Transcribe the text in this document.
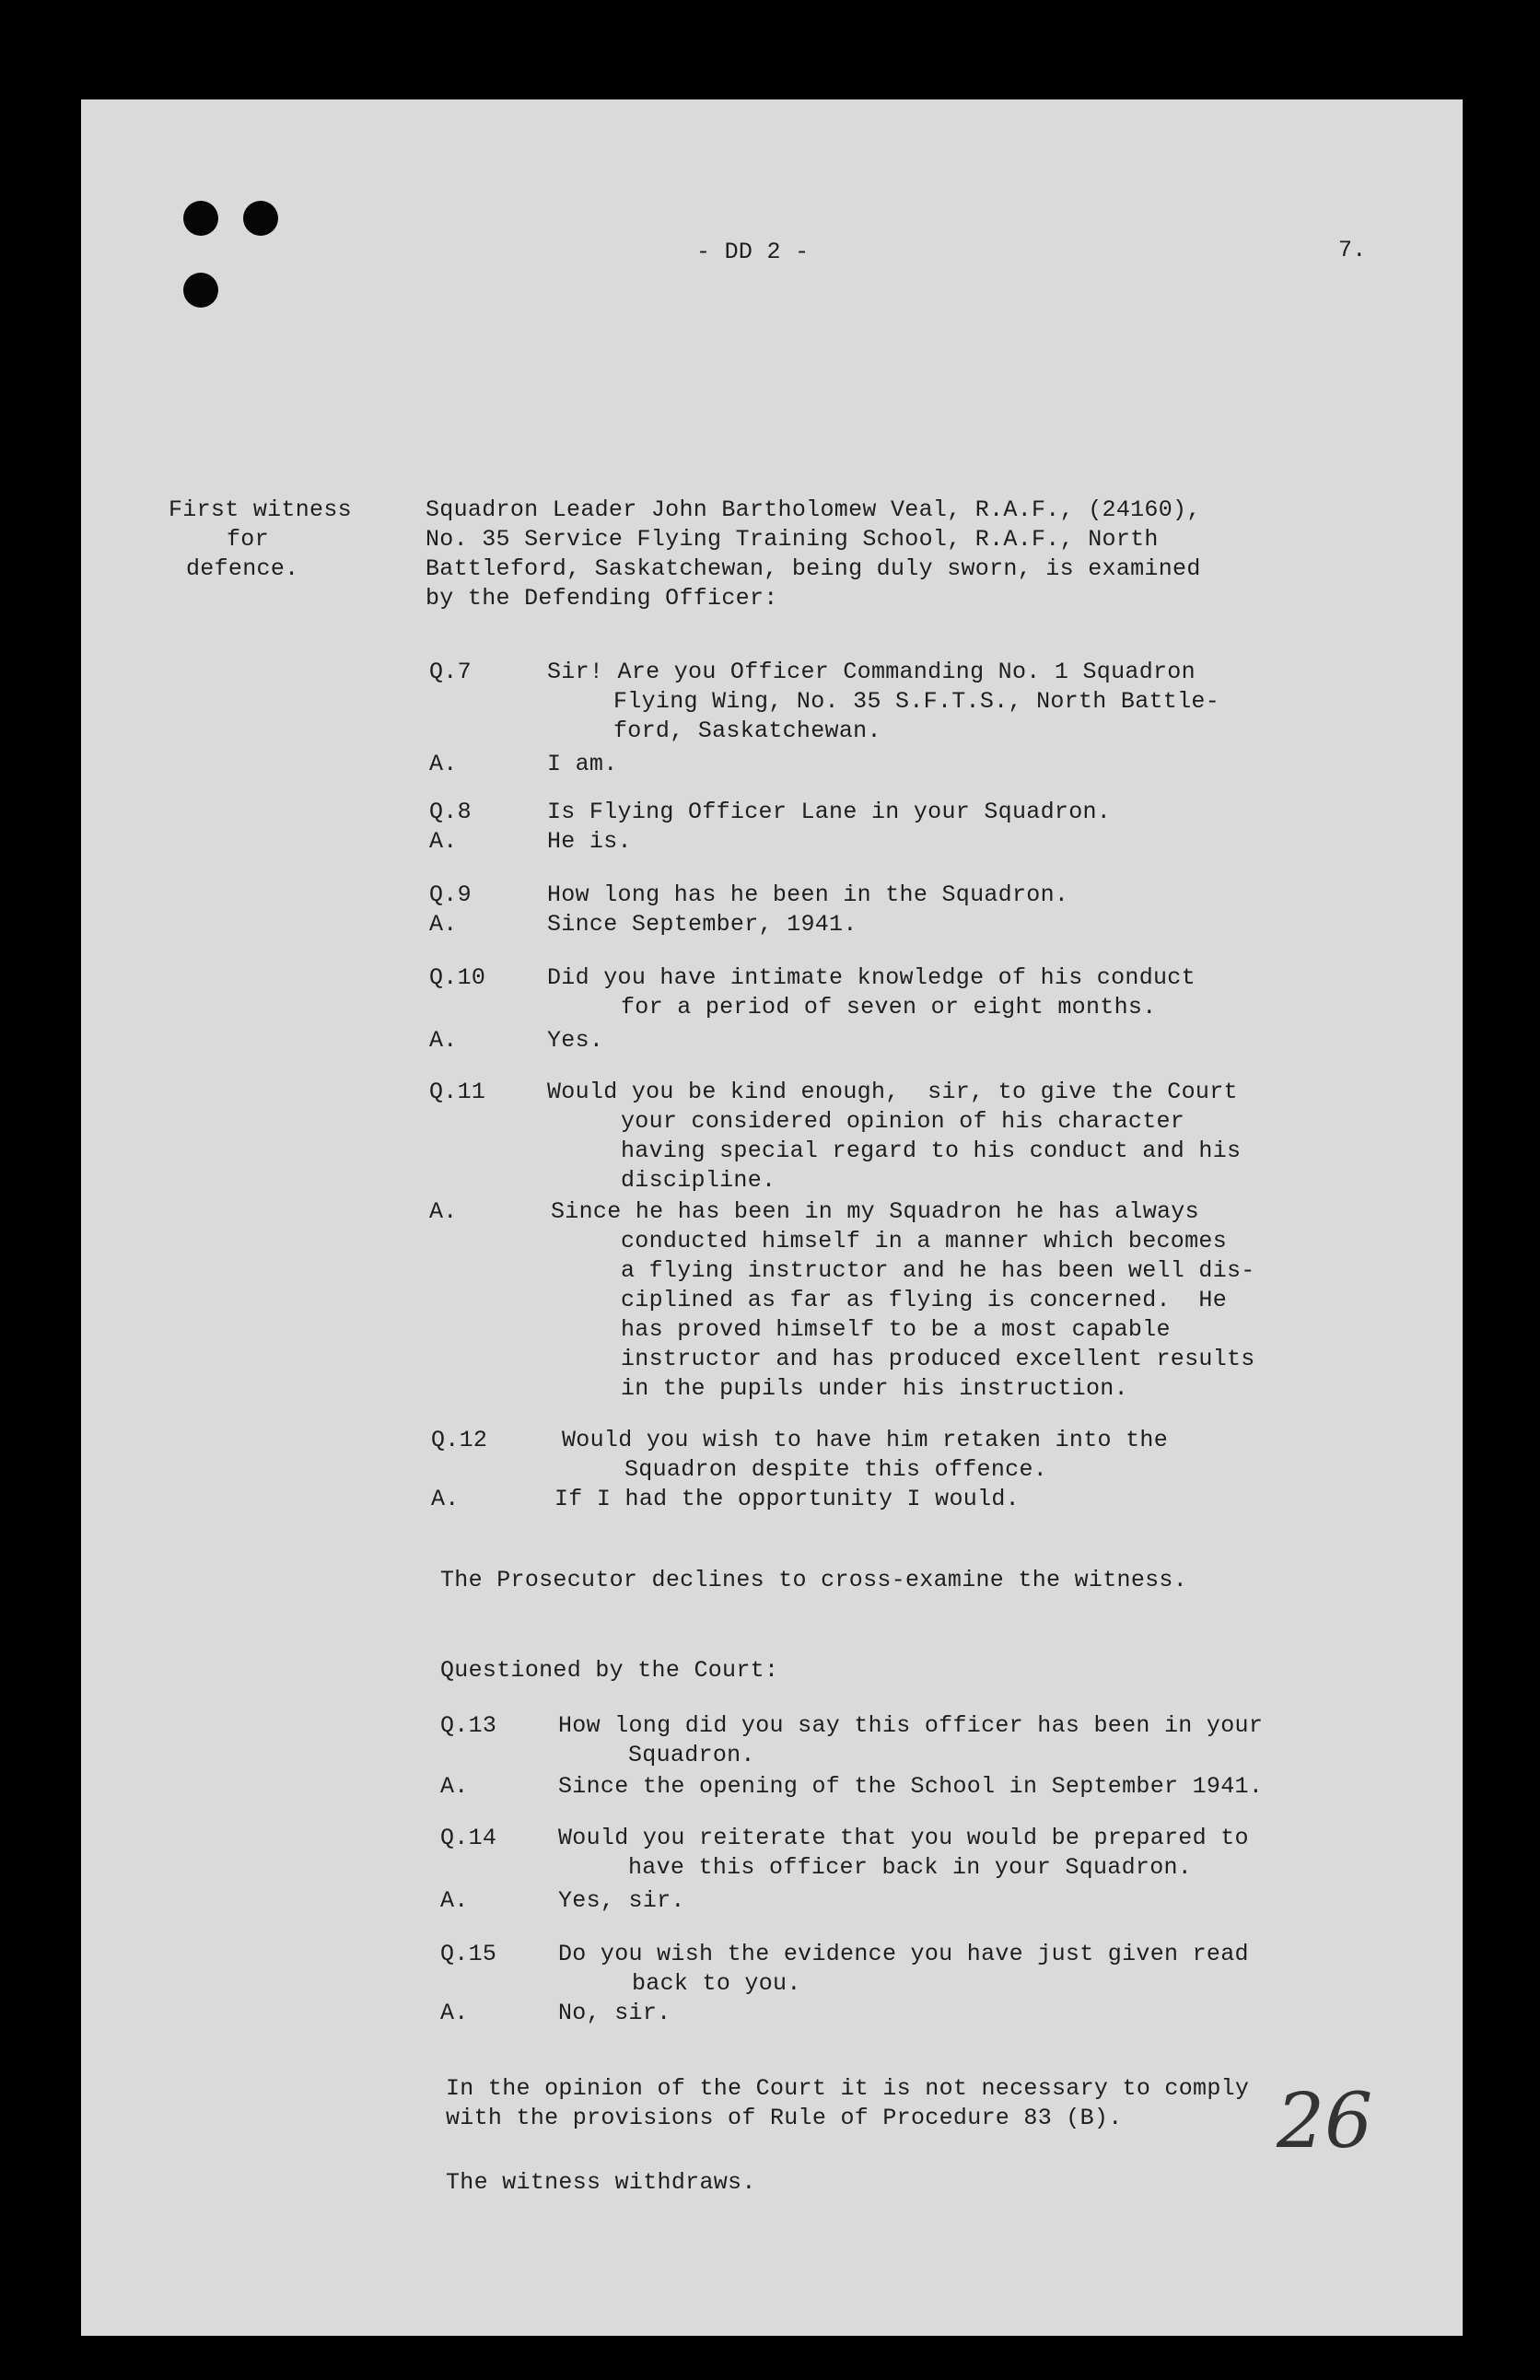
- DD 2 -	7.
First witness
for
defence.
Squadron Leader John Bartholomew Veal, R.A.F., (24160),
No. 35 Service Flying Training School, R.A.F., North
Battleford, Saskatchewan, being duly sworn, is examined
by the Defending Officer:
Q.7	Sir! Are you Officer Commanding No. 1 Squadron
Flying Wing, No. 35 S.F.T.S., North Battle-
ford, Saskatchewan.
A.	I am.
Q.8	Is Flying Officer Lane in your Squadron.
A.	He is.
Q.9	How long has he been in the Squadron.
A.	Since September, 1941.
Q.10	Did you have intimate knowledge of his conduct
for a period of seven or eight months.
A.	Yes.
Q.11	Would you be kind enough,  sir, to give the Court
your considered opinion of his character
having special regard to his conduct and his
discipline.
A.	Since he has been in my Squadron he has always
conducted himself in a manner which becomes
a flying instructor and he has been well dis-
ciplined as far as flying is concerned.  He
has proved himself to be a most capable
instructor and has produced excellent results
in the pupils under his instruction.
Q.12	Would you wish to have him retaken into the
Squadron despite this offence.
A.	If I had the opportunity I would.
The Prosecutor declines to cross-examine the witness.
Questioned by the Court:
Q.13	How long did you say this officer has been in your
Squadron.
A.	Since the opening of the School in September 1941.
Q.14	Would you reiterate that you would be prepared to
have this officer back in your Squadron.
A.	Yes, sir.
Q.15	Do you wish the evidence you have just given read
back to you.
A.	No, sir.
In the opinion of the Court it is not necessary to comply
with the provisions of Rule of Procedure 83 (B).
The witness withdraws.
26
